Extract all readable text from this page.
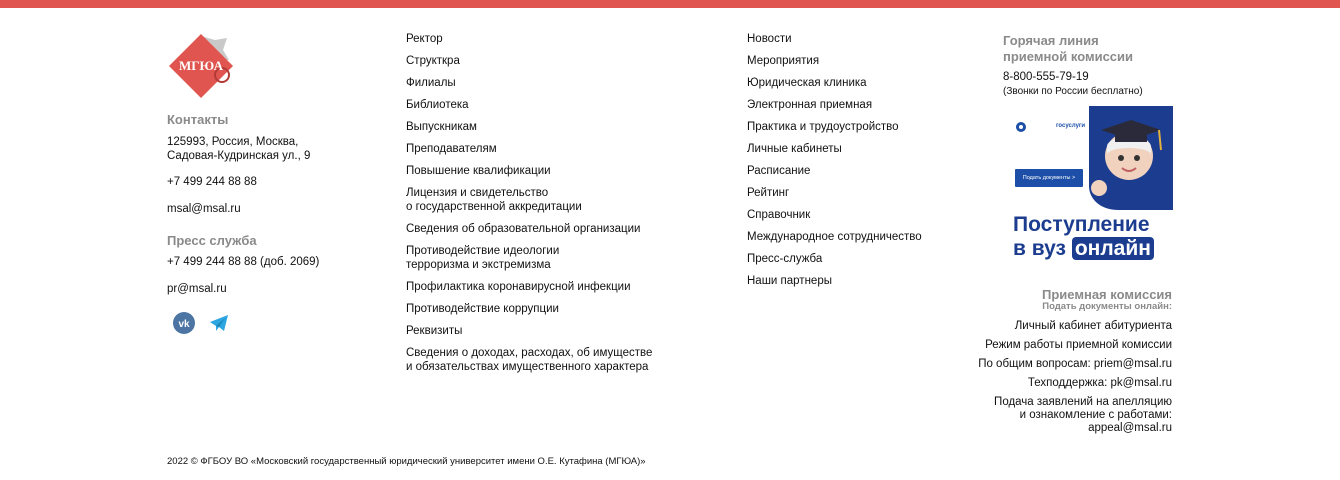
МГЮА
Контакты
125993, Россия, Москва,
Садовая-Кудринская ул., 9
+7 499 244 88 88
msal@msal.ru
Пресс служба
+7 499 244 88 88 (доб. 2069)
pr@msal.ru
vk
Ректор
Структкра
Филиалы
Библиотека
Выпускникам
Преподавателям
Повышение квалификации
Лицензия и свидетельство
о государственной аккредитации
Сведения об образовательной организации
Противодействие идеологии
терроризма и экстремизма
Профилактика коронавирусной инфекции
Противодействие коррупции
Реквизиты
Сведения о доходах, расходах, об имуществе
и обязательствах имущественного характера
Новости
Мероприятия
Юридическая клиника
Электронная приемная
Практика и трудоустройство
Личные кабинеты
Расписание
Рейтинг
Справочник
Международное сотрудничество
Пресс-служба
Наши партнеры
Горячая линия
приемной комиссии
8-800-555-79-19
(Звонки по России бесплатно)
госуслуги
Подать документы >
Поступление
в вуз онлайн
Приемная комиссия
Подать документы онлайн:
Личный кабинет абитуриента
Режим работы приемной комиссии
По общим вопросам: priem@msal.ru
Техподдержка: pk@msal.ru
Подача заявлений на апелляцию
и ознакомление с работами:
appeal@msal.ru
2022 © ФГБОУ ВО «Московский государственный юридический университет имени О.Е. Кутафина (МГЮА)»
